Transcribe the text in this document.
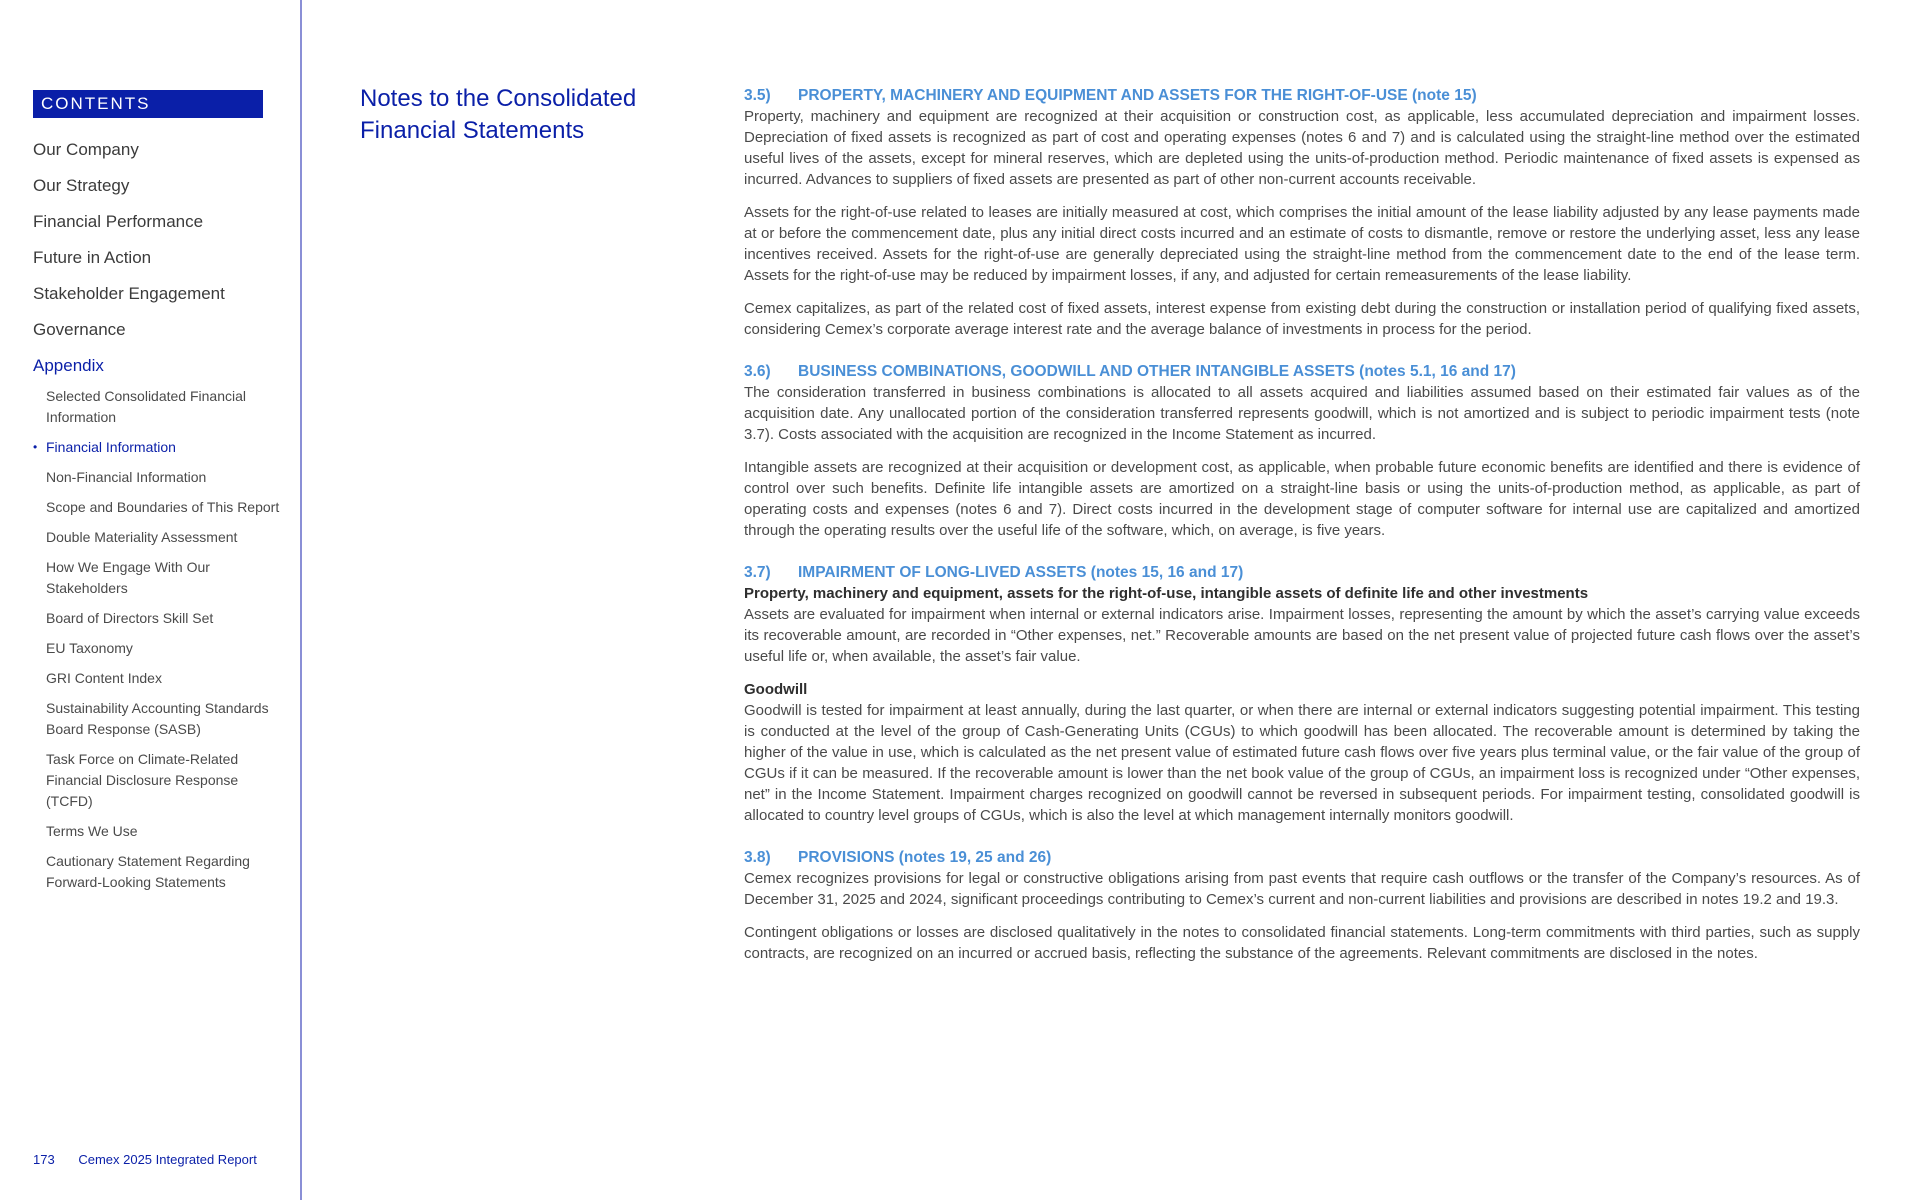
CONTENTS
Our Company
Our Strategy
Financial Performance
Future in Action
Stakeholder Engagement
Governance
Appendix
Selected Consolidated Financial Information
• Financial Information
Non-Financial Information
Scope and Boundaries of This Report
Double Materiality Assessment
How We Engage With Our Stakeholders
Board of Directors Skill Set
EU Taxonomy
GRI Content Index
Sustainability Accounting Standards Board Response (SASB)
Task Force on Climate-Related Financial Disclosure Response (TCFD)
Terms We Use
Cautionary Statement Regarding Forward-Looking Statements
173 Cemex 2025 Integrated Report
Notes to the Consolidated Financial Statements
3.5) PROPERTY, MACHINERY AND EQUIPMENT AND ASSETS FOR THE RIGHT-OF-USE (note 15)

Property, machinery and equipment are recognized at their acquisition or construction cost, as applicable, less accumulated depreciation and impairment losses. Depreciation of fixed assets is recognized as part of cost and operating expenses (notes 6 and 7) and is calculated using the straight-line method over the estimated useful lives of the assets, except for mineral reserves, which are depleted using the units-of-production method. Periodic maintenance of fixed assets is expensed as incurred. Advances to suppliers of fixed assets are presented as part of other non-current accounts receivable.

Assets for the right-of-use related to leases are initially measured at cost, which comprises the initial amount of the lease liability adjusted by any lease payments made at or before the commencement date, plus any initial direct costs incurred and an estimate of costs to dismantle, remove or restore the underlying asset, less any lease incentives received. Assets for the right-of-use are generally depreciated using the straight-line method from the commencement date to the end of the lease term. Assets for the right-of-use may be reduced by impairment losses, if any, and adjusted for certain remeasurements of the lease liability.

Cemex capitalizes, as part of the related cost of fixed assets, interest expense from existing debt during the construction or installation period of qualifying fixed assets, considering Cemex’s corporate average interest rate and the average balance of investments in process for the period.

3.6) BUSINESS COMBINATIONS, GOODWILL AND OTHER INTANGIBLE ASSETS (notes 5.1, 16 and 17)

The consideration transferred in business combinations is allocated to all assets acquired and liabilities assumed based on their estimated fair values as of the acquisition date. Any unallocated portion of the consideration transferred represents goodwill, which is not amortized and is subject to periodic impairment tests (note 3.7). Costs associated with the acquisition are recognized in the Income Statement as incurred.

Intangible assets are recognized at their acquisition or development cost, as applicable, when probable future economic benefits are identified and there is evidence of control over such benefits. Definite life intangible assets are amortized on a straight-line basis or using the units-of-production method, as applicable, as part of operating costs and expenses (notes 6 and 7). Direct costs incurred in the development stage of computer software for internal use are capitalized and amortized through the operating results over the useful life of the software, which, on average, is five years.

3.7) IMPAIRMENT OF LONG-LIVED ASSETS (notes 15, 16 and 17)

Property, machinery and equipment, assets for the right-of-use, intangible assets of definite life and other investments

Assets are evaluated for impairment when internal or external indicators arise. Impairment losses, representing the amount by which the asset’s carrying value exceeds its recoverable amount, are recorded in “Other expenses, net.” Recoverable amounts are based on the net present value of projected future cash flows over the asset’s useful life or, when available, the asset’s fair value.

Goodwill

Goodwill is tested for impairment at least annually, during the last quarter, or when there are internal or external indicators suggesting potential impairment. This testing is conducted at the level of the group of Cash-Generating Units (CGUs) to which goodwill has been allocated. The recoverable amount is determined by taking the higher of the value in use, which is calculated as the net present value of estimated future cash flows over five years plus terminal value, or the fair value of the group of CGUs if it can be measured. If the recoverable amount is lower than the net book value of the group of CGUs, an impairment loss is recognized under “Other expenses, net” in the Income Statement. Impairment charges recognized on goodwill cannot be reversed in subsequent periods. For impairment testing, consolidated goodwill is allocated to country level groups of CGUs, which is also the level at which management internally monitors goodwill.

3.8) PROVISIONS (notes 19, 25 and 26)

Cemex recognizes provisions for legal or constructive obligations arising from past events that require cash outflows or the transfer of the Company’s resources. As of December 31, 2025 and 2024, significant proceedings contributing to Cemex’s current and non-current liabilities and provisions are described in notes 19.2 and 19.3.

Contingent obligations or losses are disclosed qualitatively in the notes to consolidated financial statements. Long-term commitments with third parties, such as supply contracts, are recognized on an incurred or accrued basis, reflecting the substance of the agreements. Relevant commitments are disclosed in the notes.
